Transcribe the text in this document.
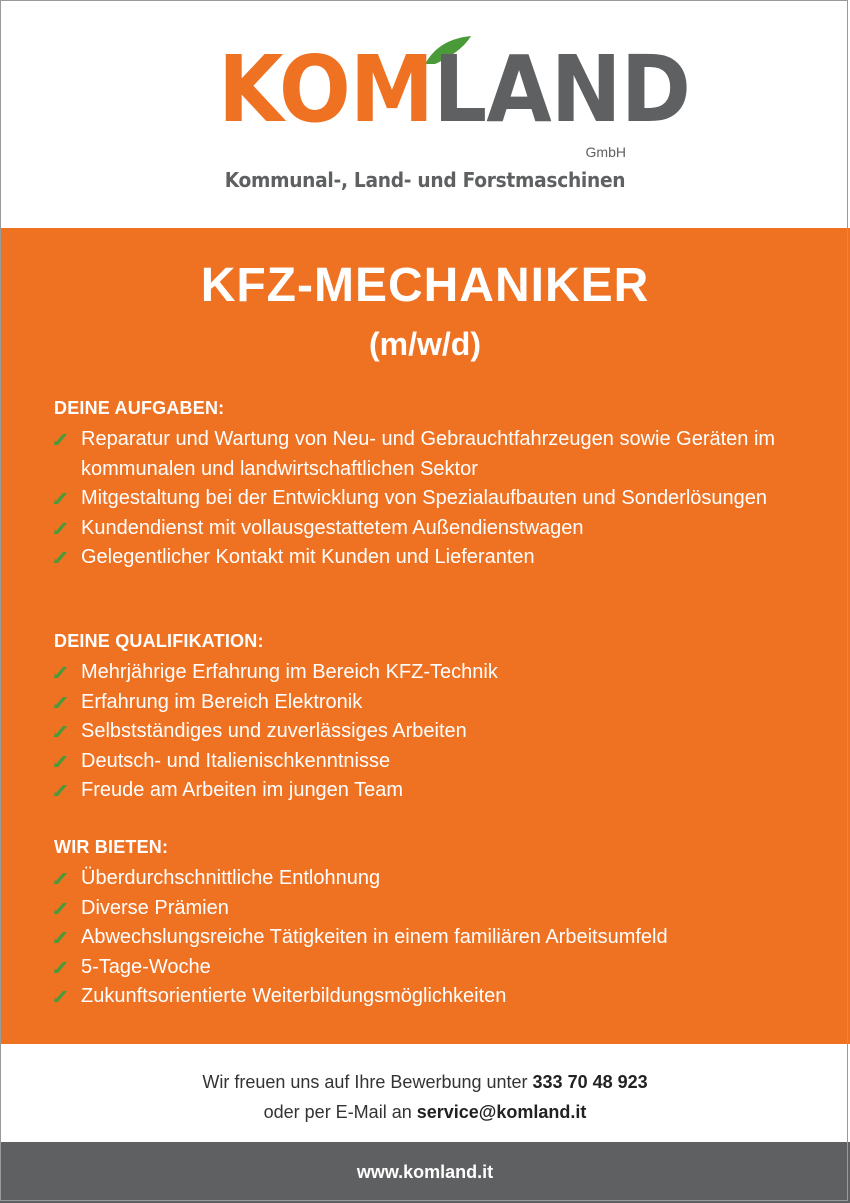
KOMLAND
GmbH
Kommunal-, Land- und Forstmaschinen
KFZ-MECHANIKER
(m/w/d)
DEINE AUFGABEN:
Reparatur und Wartung von Neu- und Gebrauchtfahrzeugen sowie Geräten im kommunalen und landwirtschaftlichen Sektor
Mitgestaltung bei der Entwicklung von Spezialaufbauten und Sonderlösungen
Kundendienst mit vollausgestattetem Außendienstwagen
Gelegentlicher Kontakt mit Kunden und Lieferanten
DEINE QUALIFIKATION:
Mehrjährige Erfahrung im Bereich KFZ-Technik
Erfahrung im Bereich Elektronik
Selbstständiges und zuverlässiges Arbeiten
Deutsch- und Italienischkenntnisse
Freude am Arbeiten im jungen Team
WIR BIETEN:
Überdurchschnittliche Entlohnung
Diverse Prämien
Abwechslungsreiche Tätigkeiten in einem familiären Arbeitsumfeld
5-Tage-Woche
Zukunftsorientierte Weiterbildungsmöglichkeiten
Wir freuen uns auf Ihre Bewerbung unter 333 70 48 923
oder per E-Mail an service@komland.it
www.komland.it
